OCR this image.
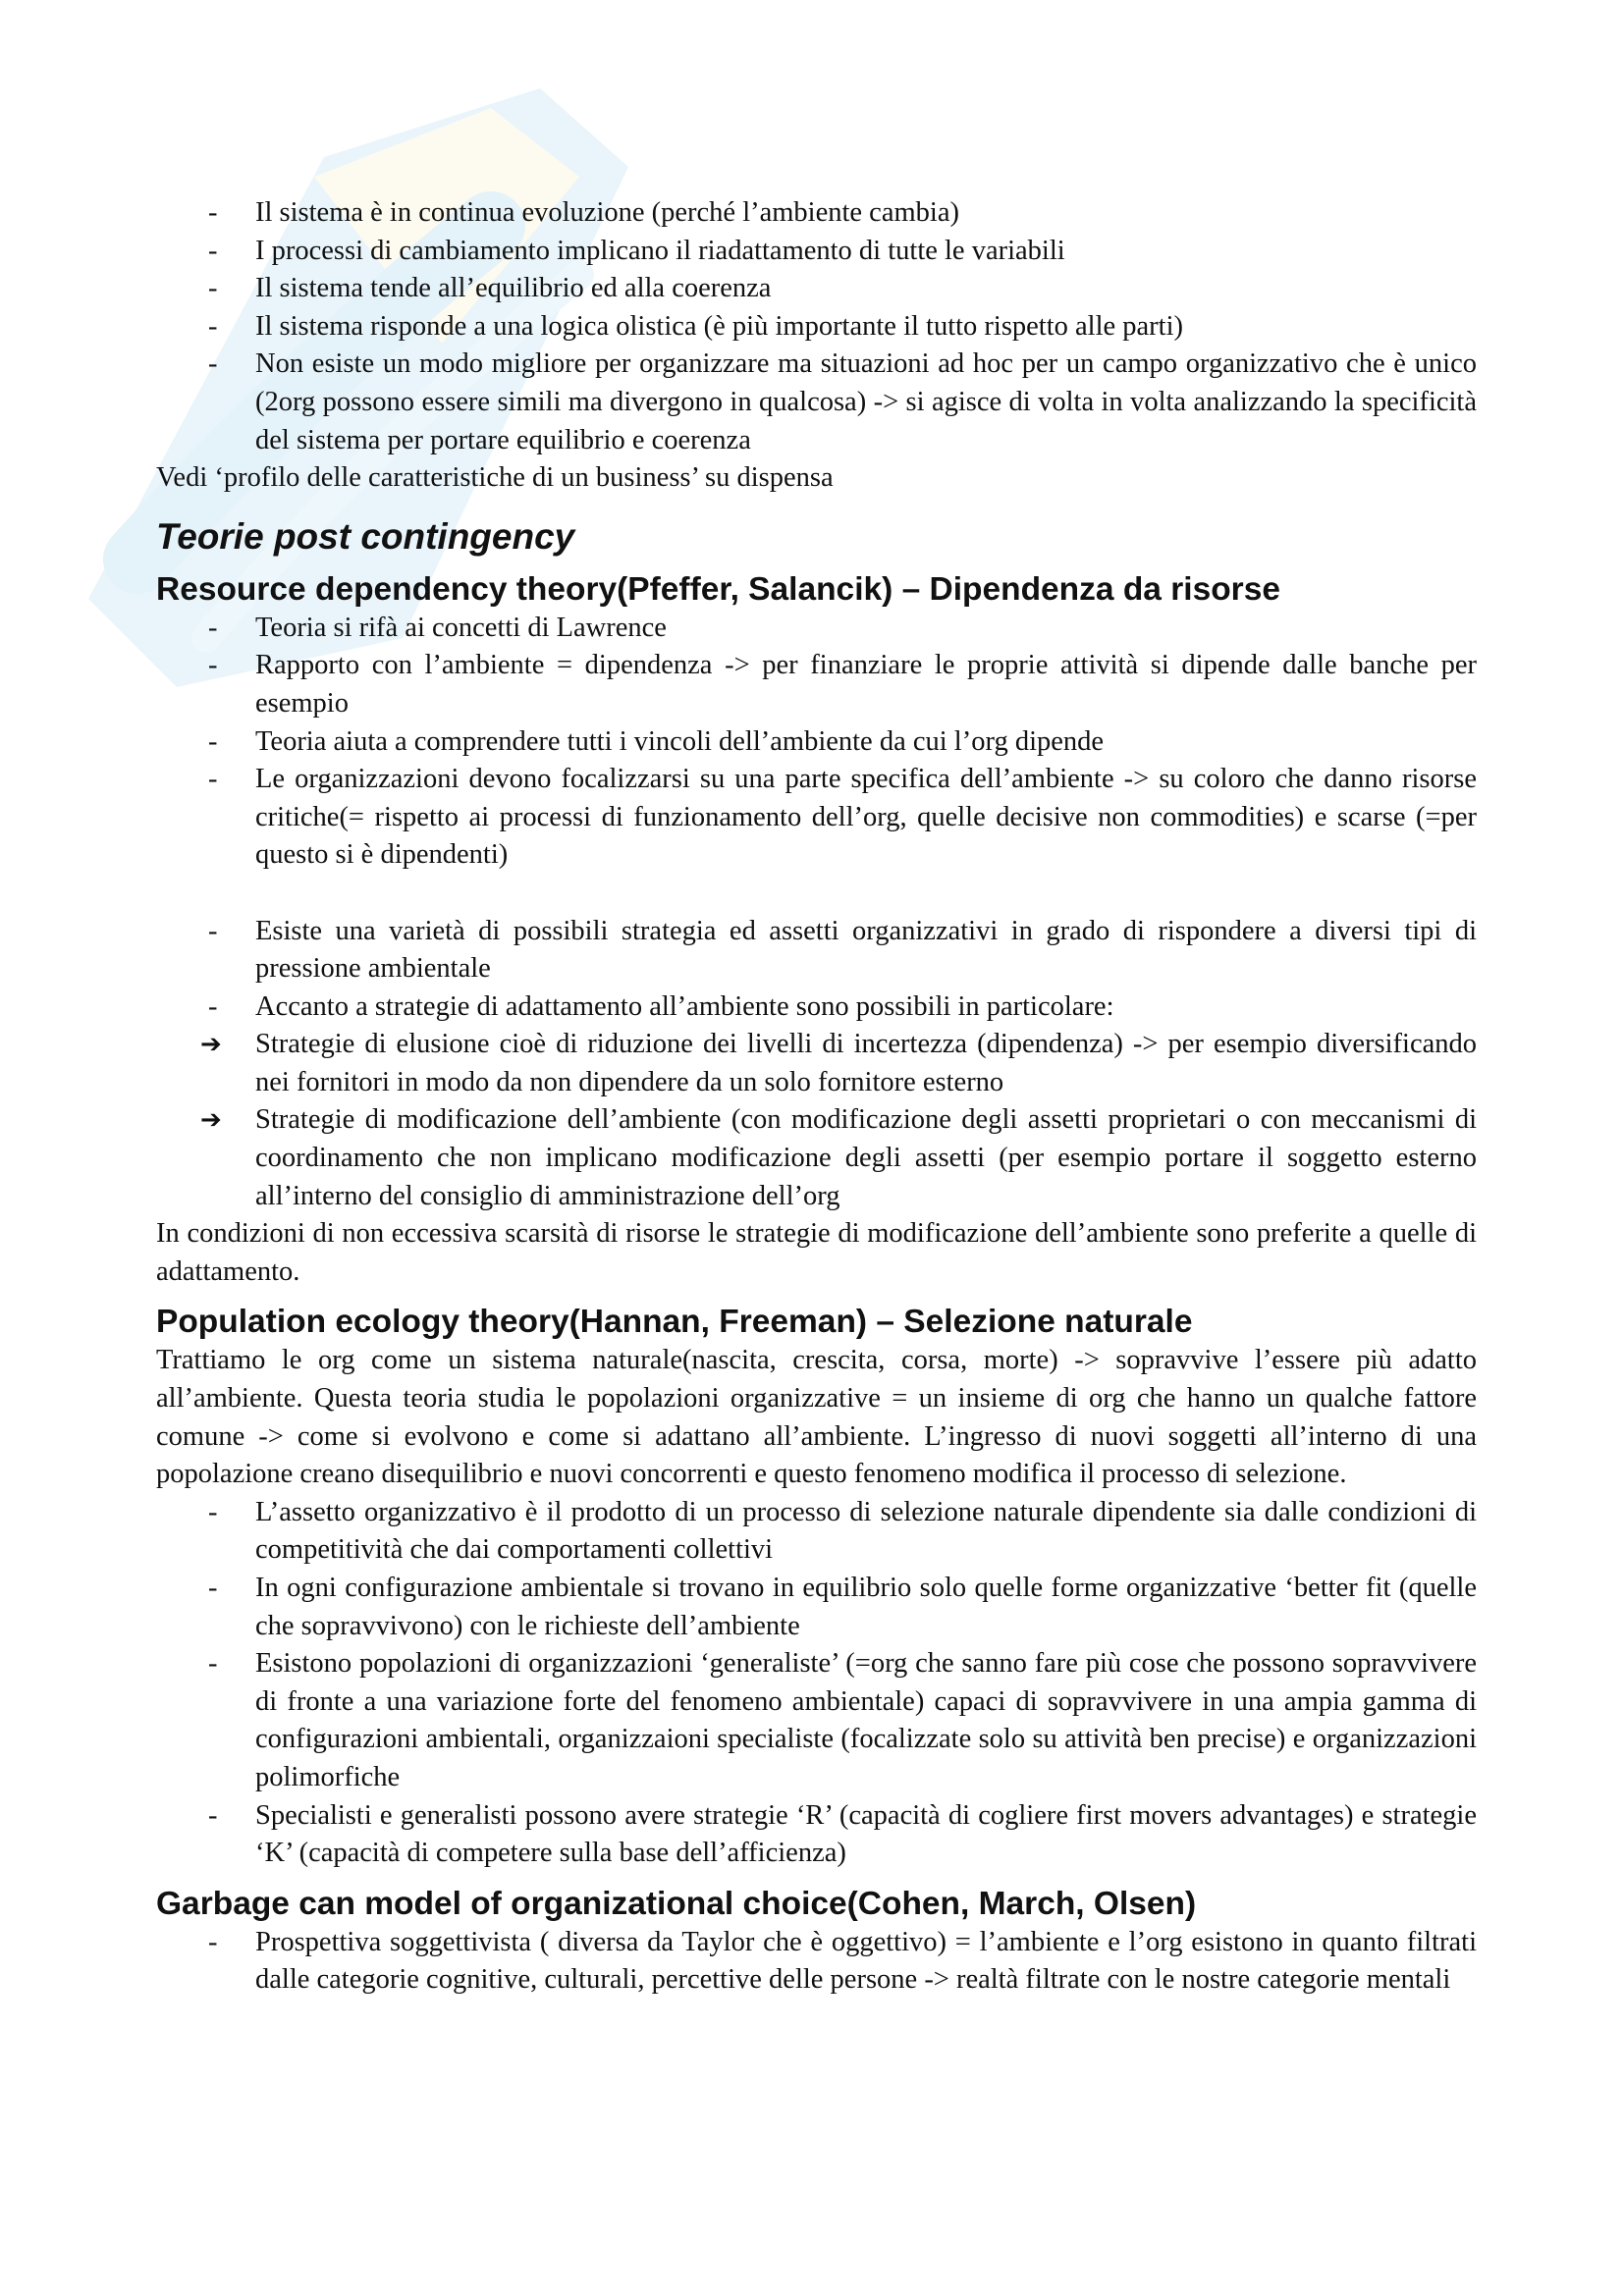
- Il sistema è in continua evoluzione (perché l’ambiente cambia)
- I processi di cambiamento implicano il riadattamento di tutte le variabili
- Il sistema tende all’equilibrio ed alla coerenza
- Il sistema risponde a una logica olistica (è più importante il tutto rispetto alle parti)
- Non esiste un modo migliore per organizzare ma situazioni ad hoc per un campo organizzativo che è unico (2org possono essere simili ma divergono in qualcosa) -> si agisce di volta in volta analizzando la specificità del sistema per portare equilibrio e coerenza

Vedi ‘profilo delle caratteristiche di un business’ su dispensa

Teorie post contingency
Resource dependency theory(Pfeffer, Salancik) – Dipendenza da risorse
- Teoria si rifà ai concetti di Lawrence
- Rapporto con l’ambiente = dipendenza -> per finanziare le proprie attività si dipende dalle banche per esempio
- Teoria aiuta a comprendere tutti i vincoli dell’ambiente da cui l’org dipende
- Le organizzazioni devono focalizzarsi su una parte specifica dell’ambiente -> su coloro che danno risorse critiche(= rispetto ai processi di funzionamento dell’org, quelle decisive non commodities) e scarse (=per questo si è dipendenti)
- Esiste una varietà di possibili strategia ed assetti organizzativi in grado di rispondere a diversi tipi di pressione ambientale
- Accanto a strategie di adattamento all’ambiente sono possibili in particolare:
➔ Strategie di elusione cioè di riduzione dei livelli di incertezza (dipendenza) -> per esempio diversificando nei fornitori in modo da non dipendere da un solo fornitore esterno
➔ Strategie di modificazione dell’ambiente (con modificazione degli assetti proprietari o con meccanismi di coordinamento che non implicano modificazione degli assetti (per esempio portare il soggetto esterno all’interno del consiglio di amministrazione dell’org

In condizioni di non eccessiva scarsità di risorse le strategie di modificazione dell’ambiente sono preferite a quelle di adattamento.

Population ecology theory(Hannan, Freeman) – Selezione naturale

Trattiamo le org come un sistema naturale(nascita, crescita, corsa, morte) -> sopravvive l’essere più adatto all’ambiente. Questa teoria studia le popolazioni organizzative = un insieme di org che hanno un qualche fattore comune -> come si evolvono e come si adattano all’ambiente. L’ingresso di nuovi soggetti all’interno di una popolazione creano disequilibrio e nuovi concorrenti e questo fenomeno modifica il processo di selezione.

- L’assetto organizzativo è il prodotto di un processo di selezione naturale dipendente sia dalle condizioni di competitività che dai comportamenti collettivi
- In ogni configurazione ambientale si trovano in equilibrio solo quelle forme organizzative ‘better fit (quelle che sopravvivono) con le richieste dell’ambiente
- Esistono popolazioni di organizzazioni ‘generaliste’ (=org che sanno fare più cose che possono sopravvivere di fronte a una variazione forte del fenomeno ambientale) capaci di sopravvivere in una ampia gamma di configurazioni ambientali, organizzaioni specialiste (focalizzate solo su attività ben precise) e organizzazioni polimorfiche
- Specialisti e generalisti possono avere strategie ‘R’ (capacità di cogliere first movers advantages) e strategie ‘K’ (capacità di competere sulla base dell’afficienza)
Garbage can model of organizational choice(Cohen, March, Olsen)
- Prospettiva soggettivista ( diversa da Taylor che è oggettivo) = l’ambiente e l’org esistono in quanto filtrati dalle categorie cognitive, culturali, percettive delle persone -> realtà filtrate con le nostre categorie mentali
